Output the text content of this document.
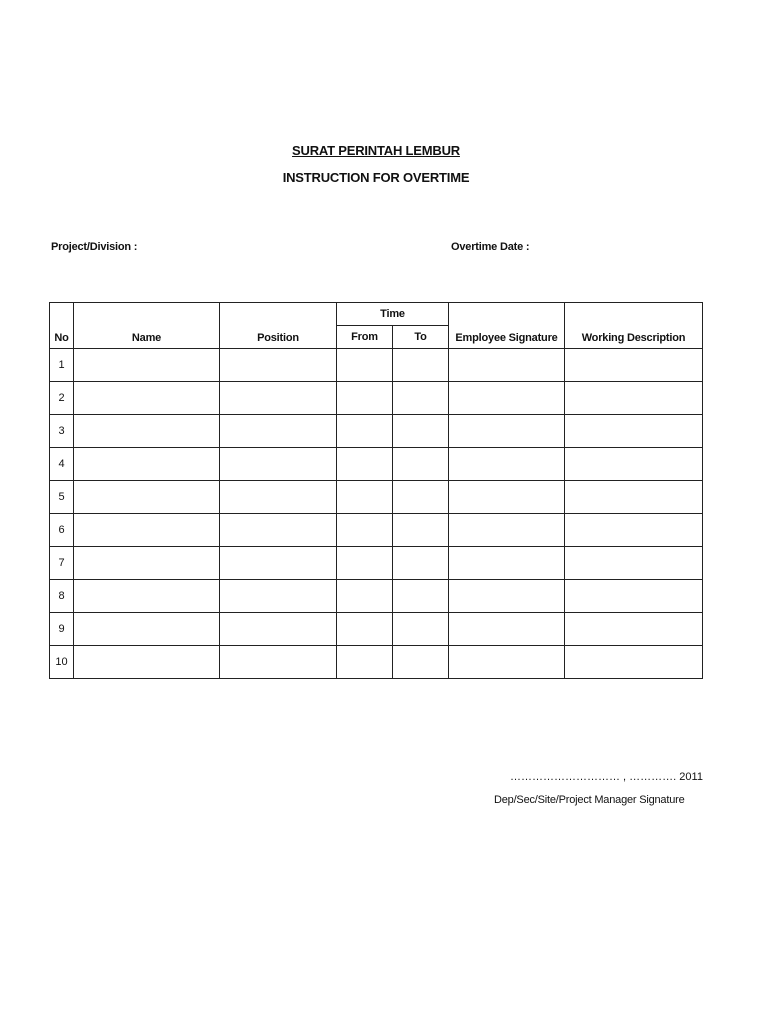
SURAT PERINTAH LEMBUR
INSTRUCTION FOR OVERTIME
Project/Division :	Overtime Date :
No	Name	Position	Time		Employee Signature	Working Description
			From	To		
1						
2						
3						
4						
5						
6						
7						
8						
9						
10						
………………………… , …………. 2011
Dep/Sec/Site/Project Manager Signature
